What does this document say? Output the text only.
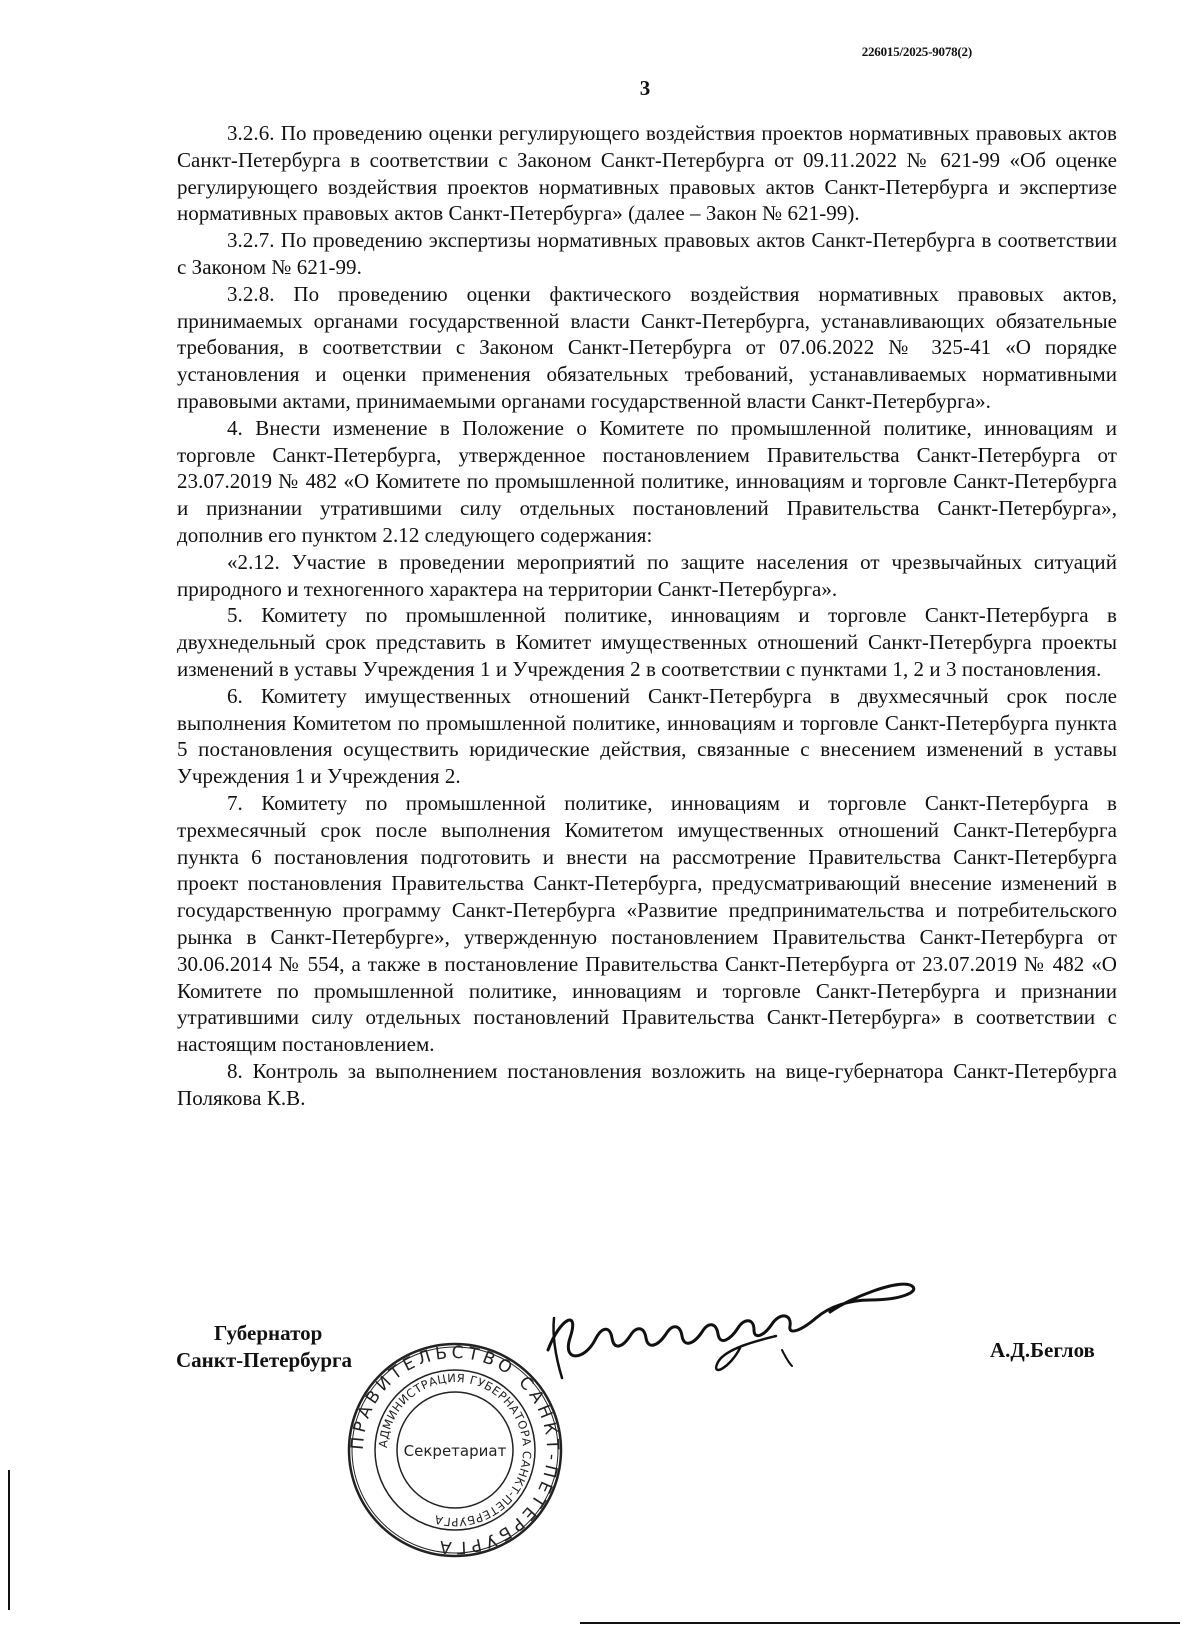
226015/2025-9078(2)
3

3.2.6. По проведению оценки регулирующего воздействия проектов нормативных правовых актов Санкт-Петербурга в соответствии с Законом Санкт-Петербурга от 09.11.2022 № 621-99 «Об оценке регулирующего воздействия проектов нормативных правовых актов Санкт-Петербурга и экспертизе нормативных правовых актов Санкт-Петербурга» (далее – Закон № 621-99).

3.2.7. По проведению экспертизы нормативных правовых актов Санкт-Петербурга в соответствии с Законом № 621-99.

3.2.8. По проведению оценки фактического воздействия нормативных правовых актов, принимаемых органами государственной власти Санкт-Петербурга, устанавливающих обязательные требования, в соответствии с Законом Санкт-Петербурга от 07.06.2022 № 325-41 «О порядке установления и оценки применения обязательных требований, устанавливаемых нормативными правовыми актами, принимаемыми органами государственной власти Санкт-Петербурга».

4. Внести изменение в Положение о Комитете по промышленной политике, инновациям и торговле Санкт-Петербурга, утвержденное постановлением Правительства Санкт-Петербурга от 23.07.2019 № 482 «О Комитете по промышленной политике, инновациям и торговле Санкт-Петербурга и признании утратившими силу отдельных постановлений Правительства Санкт-Петербурга», дополнив его пунктом 2.12 следующего содержания:

«2.12. Участие в проведении мероприятий по защите населения от чрезвычайных ситуаций природного и техногенного характера на территории Санкт-Петербурга».

5. Комитету по промышленной политике, инновациям и торговле Санкт-Петербурга в двухнедельный срок представить в Комитет имущественных отношений Санкт-Петербурга проекты изменений в уставы Учреждения 1 и Учреждения 2 в соответствии с пунктами 1, 2 и 3 постановления.

6. Комитету имущественных отношений Санкт-Петербурга в двухмесячный срок после выполнения Комитетом по промышленной политике, инновациям и торговле Санкт-Петербурга пункта 5 постановления осуществить юридические действия, связанные с внесением изменений в уставы Учреждения 1 и Учреждения 2.

7. Комитету по промышленной политике, инновациям и торговле Санкт-Петербурга в трехмесячный срок после выполнения Комитетом имущественных отношений Санкт-Петербурга пункта 6 постановления подготовить и внести на рассмотрение Правительства Санкт-Петербурга проект постановления Правительства Санкт-Петербурга, предусматривающий внесение изменений в государственную программу Санкт-Петербурга «Развитие предпринимательства и потребительского рынка в Санкт-Петербурге», утвержденную постановлением Правительства Санкт-Петербурга от 30.06.2014 № 554, а также в постановление Правительства Санкт-Петербурга от 23.07.2019 № 482 «О Комитете по промышленной политике, инновациям и торговле Санкт-Петербурга и признании утратившими силу отдельных постановлений Правительства Санкт-Петербурга» в соответствии с настоящим постановлением.

8. Контроль за выполнением постановления возложить на вице-губернатора Санкт-Петербурга Полякова К.В.

Губернатор
Санкт-Петербурга
ПРАВИТЕЛЬСТВО САНКТ-ПЕТЕРБУРГА
АДМИНИСТРАЦИЯ ГУБЕРНАТОРА САНКТ-ПЕТЕРБУРГА
Секретариат
А.Д.Беглов
